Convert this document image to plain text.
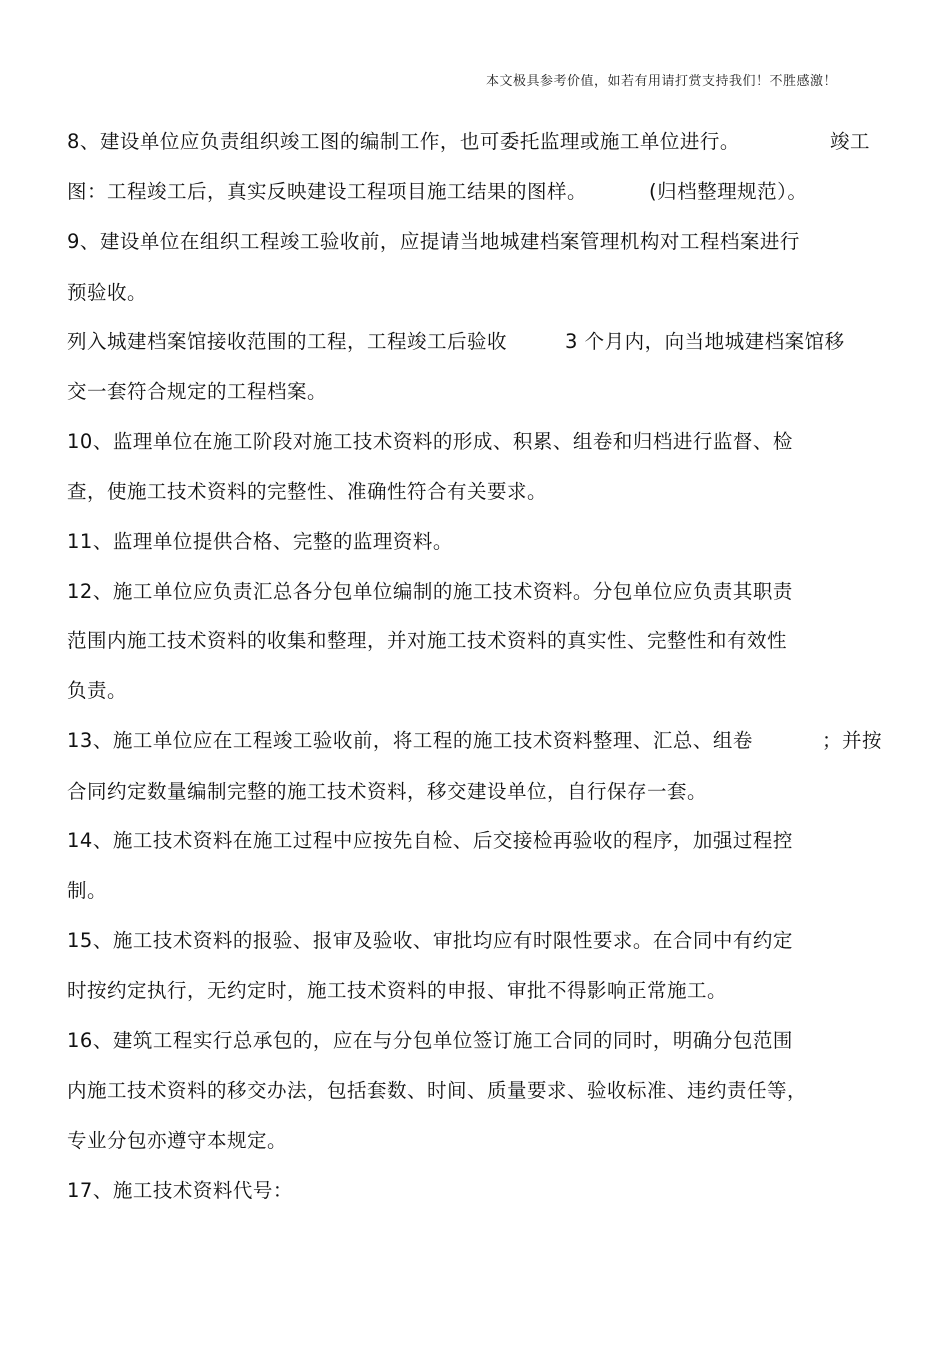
本文极具参考价值，如若有用请打赏支持我们！不胜感激！
8、建设单位应负责组织竣工图的编制工作，也可委托监理或施工单位进行。	竣工
图：工程竣工后，真实反映建设工程项目施工结果的图样。	(归档整理规范）。
9、建设单位在组织工程竣工验收前，应提请当地城建档案管理机构对工程档案进行
预验收。
列入城建档案馆接收范围的工程，工程竣工后验收	3 个月内，向当地城建档案馆移
交一套符合规定的工程档案。
10、监理单位在施工阶段对施工技术资料的形成、积累、组卷和归档进行监督、检
查，使施工技术资料的完整性、准确性符合有关要求。
11、监理单位提供合格、完整的监理资料。
12、施工单位应负责汇总各分包单位编制的施工技术资料。分包单位应负责其职责
范围内施工技术资料的收集和整理，并对施工技术资料的真实性、完整性和有效性
负责。
13、施工单位应在工程竣工验收前，将工程的施工技术资料整理、汇总、组卷	；并按
合同约定数量编制完整的施工技术资料，移交建设单位，自行保存一套。
14、施工技术资料在施工过程中应按先自检、后交接检再验收的程序，加强过程控
制。
15、施工技术资料的报验、报审及验收、审批均应有时限性要求。在合同中有约定
时按约定执行，无约定时，施工技术资料的申报、审批不得影响正常施工。
16、建筑工程实行总承包的，应在与分包单位签订施工合同的同时，明确分包范围
内施工技术资料的移交办法，包括套数、时间、质量要求、验收标准、违约责任等，
专业分包亦遵守本规定。
17、施工技术资料代号：
